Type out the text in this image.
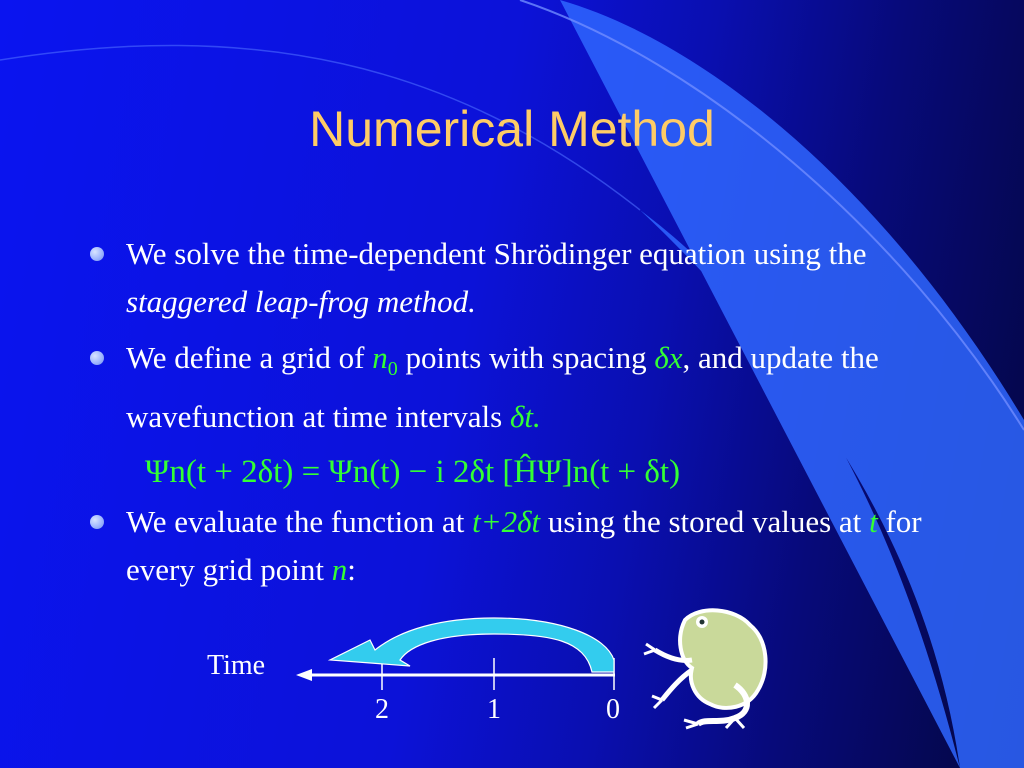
Numerical Method
We solve the time-dependent Shrödinger equation using the staggered leap-frog method.
We define a grid of $n_0$ points with spacing δx, and update the wavefunction at time intervals δt.
Ψn(t + 2δt) = Ψn(t) − i 2δt [ĤΨ]n(t + δt)
We evaluate the function at t+2δt using the stored values at t for every grid point n:
Time
2	1	0
